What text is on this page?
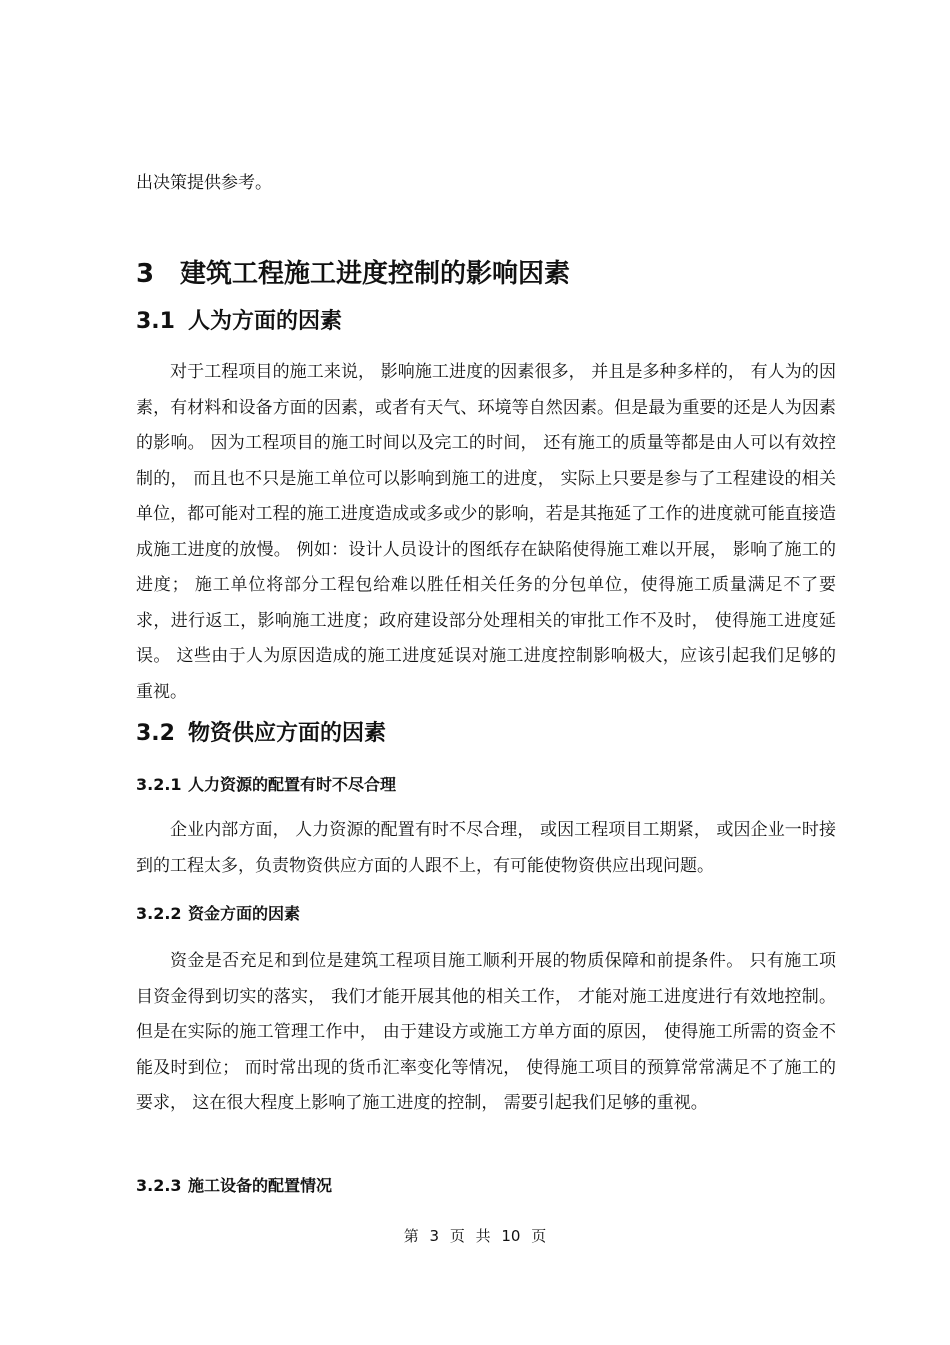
出决策提供参考。

3 建筑工程施工进度控制的影响因素
3.1 人为方面的因素

对于工程项目的施工来说， 影响施工进度的因素很多， 并且是多种多样的， 有人为的因素，有材料和设备方面的因素，或者有天气、环境等自然因素。但是最为重要的还是人为因素的影响。 因为工程项目的施工时间以及完工的时间， 还有施工的质量等都是由人可以有效控制的， 而且也不只是施工单位可以影响到施工的进度， 实际上只要是参与了工程建设的相关单位，都可能对工程的施工进度造成或多或少的影响，若是其拖延了工作的进度就可能直接造成施工进度的放慢。 例如：设计人员设计的图纸存在缺陷使得施工难以开展， 影响了施工的进度； 施工单位将部分工程包给难以胜任相关任务的分包单位，使得施工质量满足不了要求，进行返工，影响施工进度；政府建设部分处理相关的审批工作不及时， 使得施工进度延误。 这些由于人为原因造成的施工进度延误对施工进度控制影响极大，应该引起我们足够的重视。

3.2 物资供应方面的因素
3.2.1 人力资源的配置有时不尽合理

企业内部方面， 人力资源的配置有时不尽合理， 或因工程项目工期紧， 或因企业一时接到的工程太多，负责物资供应方面的人跟不上，有可能使物资供应出现问题。

3.2.2 资金方面的因素

资金是否充足和到位是建筑工程项目施工顺利开展的物质保障和前提条件。 只有施工项目资金得到切实的落实， 我们才能开展其他的相关工作， 才能对施工进度进行有效地控制。但是在实际的施工管理工作中， 由于建设方或施工方单方面的原因， 使得施工所需的资金不能及时到位； 而时常出现的货币汇率变化等情况， 使得施工项目的预算常常满足不了施工的要求， 这在很大程度上影响了施工进度的控制， 需要引起我们足够的重视。

3.2.3 施工设备的配置情况
第 3 页 共 10 页
